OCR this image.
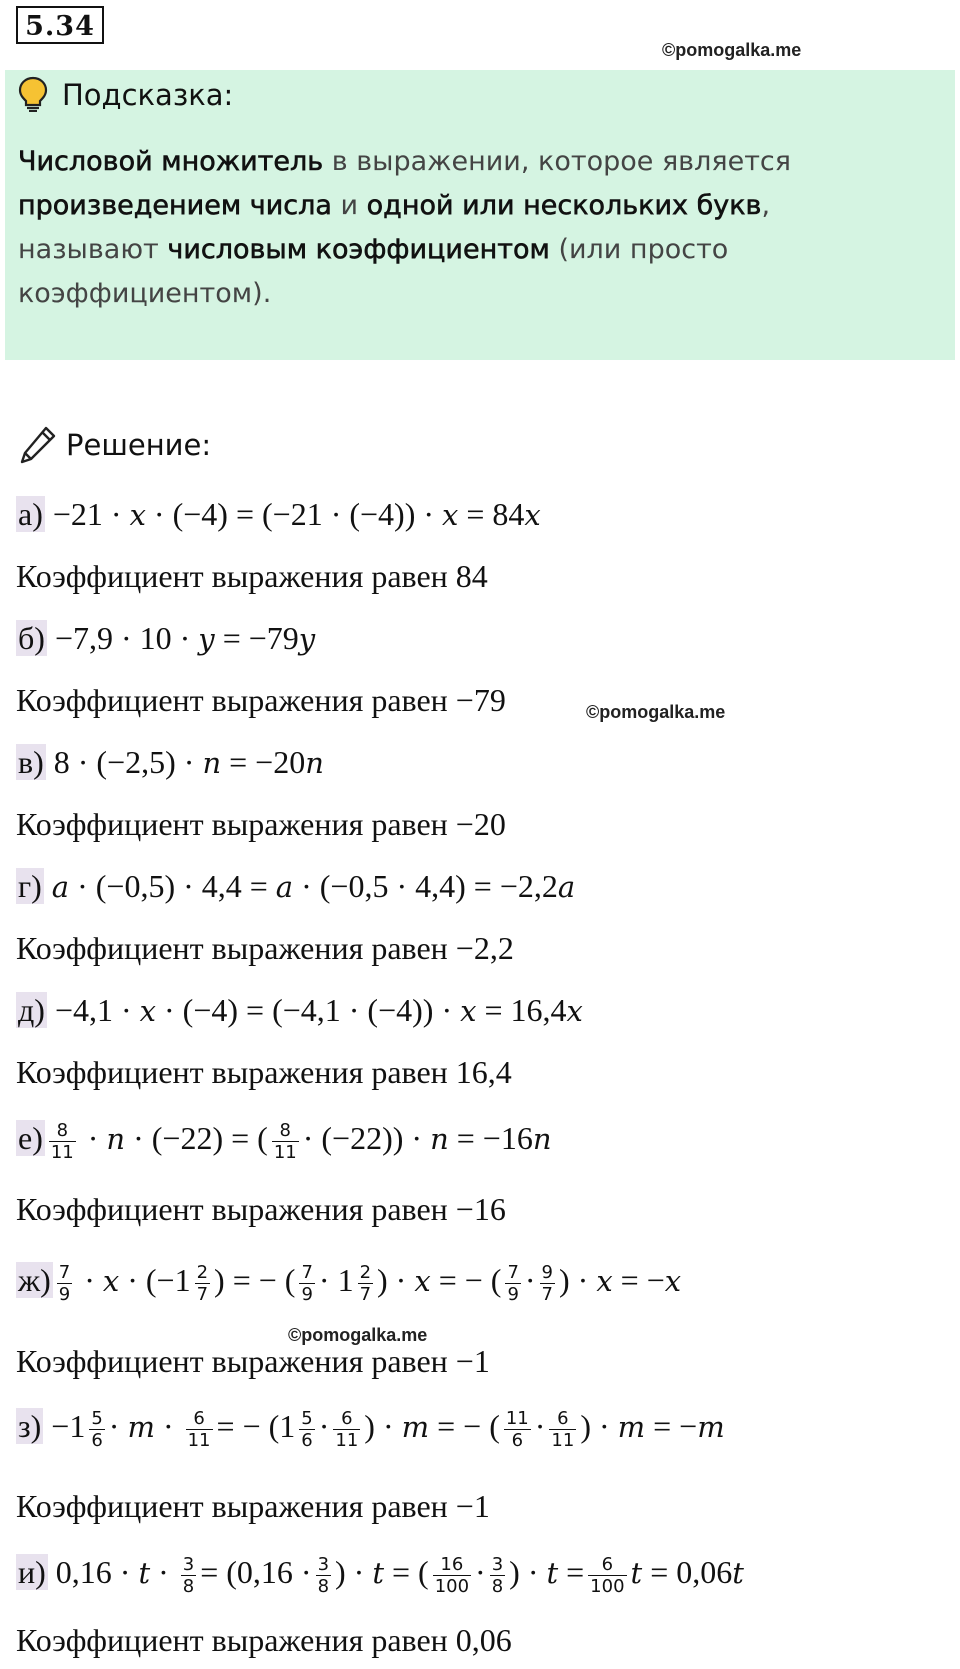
5.34
©pomogalka.me
Подсказка:
Числовой множитель в выражении, которое является произведением числа и одной или нескольких букв, называют числовым коэффициентом (или просто коэффициентом).
Решение:
©pomogalka.me
©pomogalka.me
а) −21 · x · (−4) = (−21 · (−4)) · x = 84x
Коэффициент выражения равен 84
б) −7,9 · 10 · y = −79y
Коэффициент выражения равен −79
в) 8 · (−2,5) · n = −20n
Коэффициент выражения равен −20
г) a · (−0,5) · 4,4 = a · (−0,5 · 4,4) = −2,2a
Коэффициент выражения равен −2,2
д) −4,1 · x · (−4) = (−4,1 · (−4)) · x = 16,4x
Коэффициент выражения равен 16,4
$е) \frac{8}{11} \cdot n \cdot (-22)$ = ( $\frac{8}{11} \cdot (-22)) \cdot n = -16n$
Коэффициент выражения равен −16
$ж) \frac{7}{9} \cdot x \cdot (-1 \frac{2}{7}$ ) = − ( $\frac{7}{9} \cdot 1 \frac{2}{7}$ ) · x = − ( $\frac{7}{9} \cdot \frac{9}{7}$ ) · x = −x
Коэффициент выражения равен −1
$з) -1 \frac{5}{6} \cdot m \cdot \frac{6}{11}$ = − ($1 \frac{5}{6} \cdot \frac{6}{11}$ ) · m = − ( $\frac{11}{6} \cdot \frac{6}{11}$ ) · m = −m
Коэффициент выражения равен −1
и) $0,16 \cdot t \cdot \frac{3}{8} = (0,16 \cdot \frac{3}{8}$ ) · t = ( $\frac{16}{100} \cdot \frac{3}{8}$ ) · $t = \frac{6}{100}$ t = 0,06t
Коэффициент выражения равен 0,06
